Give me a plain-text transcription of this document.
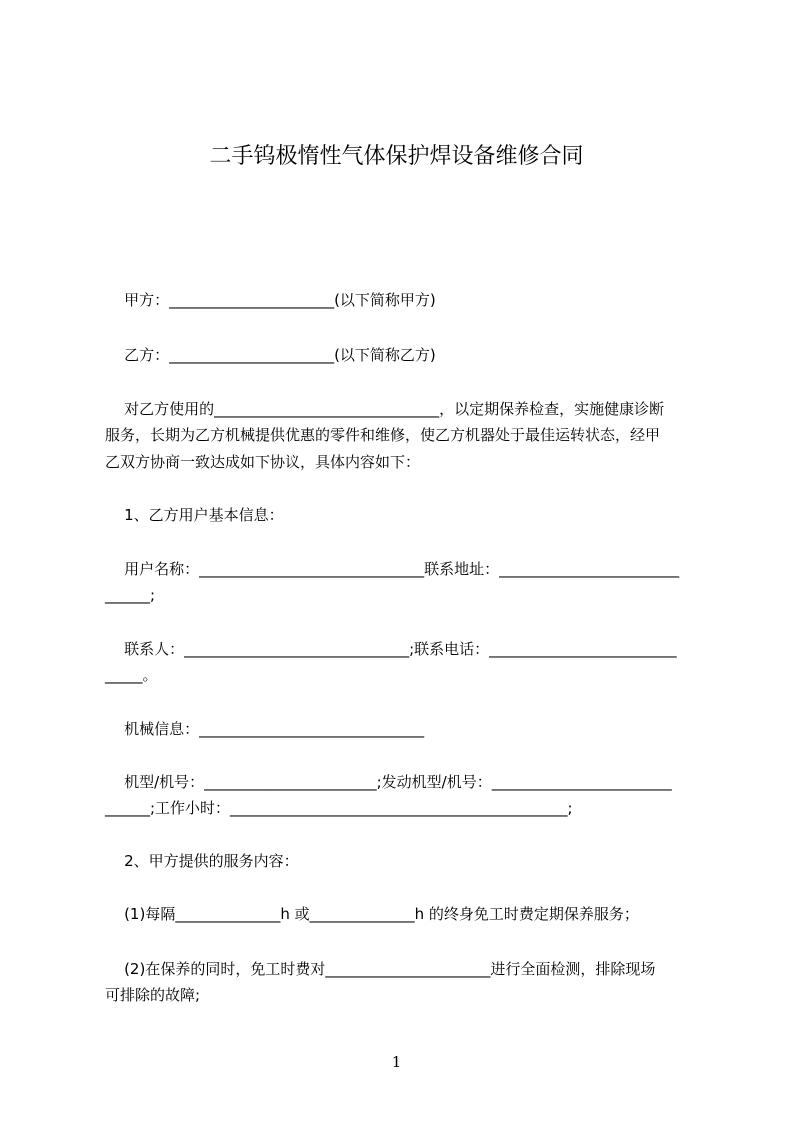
二手钨极惰性气体保护焊设备维修合同
甲方：______________________(以下简称甲方)
乙方：______________________(以下简称乙方)
对乙方使用的______________________________，以定期保养检查，实施健康诊断
服务，长期为乙方机械提供优惠的零件和维修，使乙方机器处于最佳运转状态，经甲
乙双方协商一致达成如下协议，具体内容如下：
1、乙方用户基本信息：
用户名称：______________________________联系地址：________________________
______;
联系人：______________________________;联系电话：_________________________
_____。
机械信息：______________________________
机型/机号：_______________________;发动机型/机号：________________________
______;工作小时：_____________________________________________;
2、甲方提供的服务内容：
(1)每隔______________h 或______________h 的终身免工时费定期保养服务；
(2)在保养的同时，免工时费对______________________进行全面检测，排除现场
可排除的故障;
1
